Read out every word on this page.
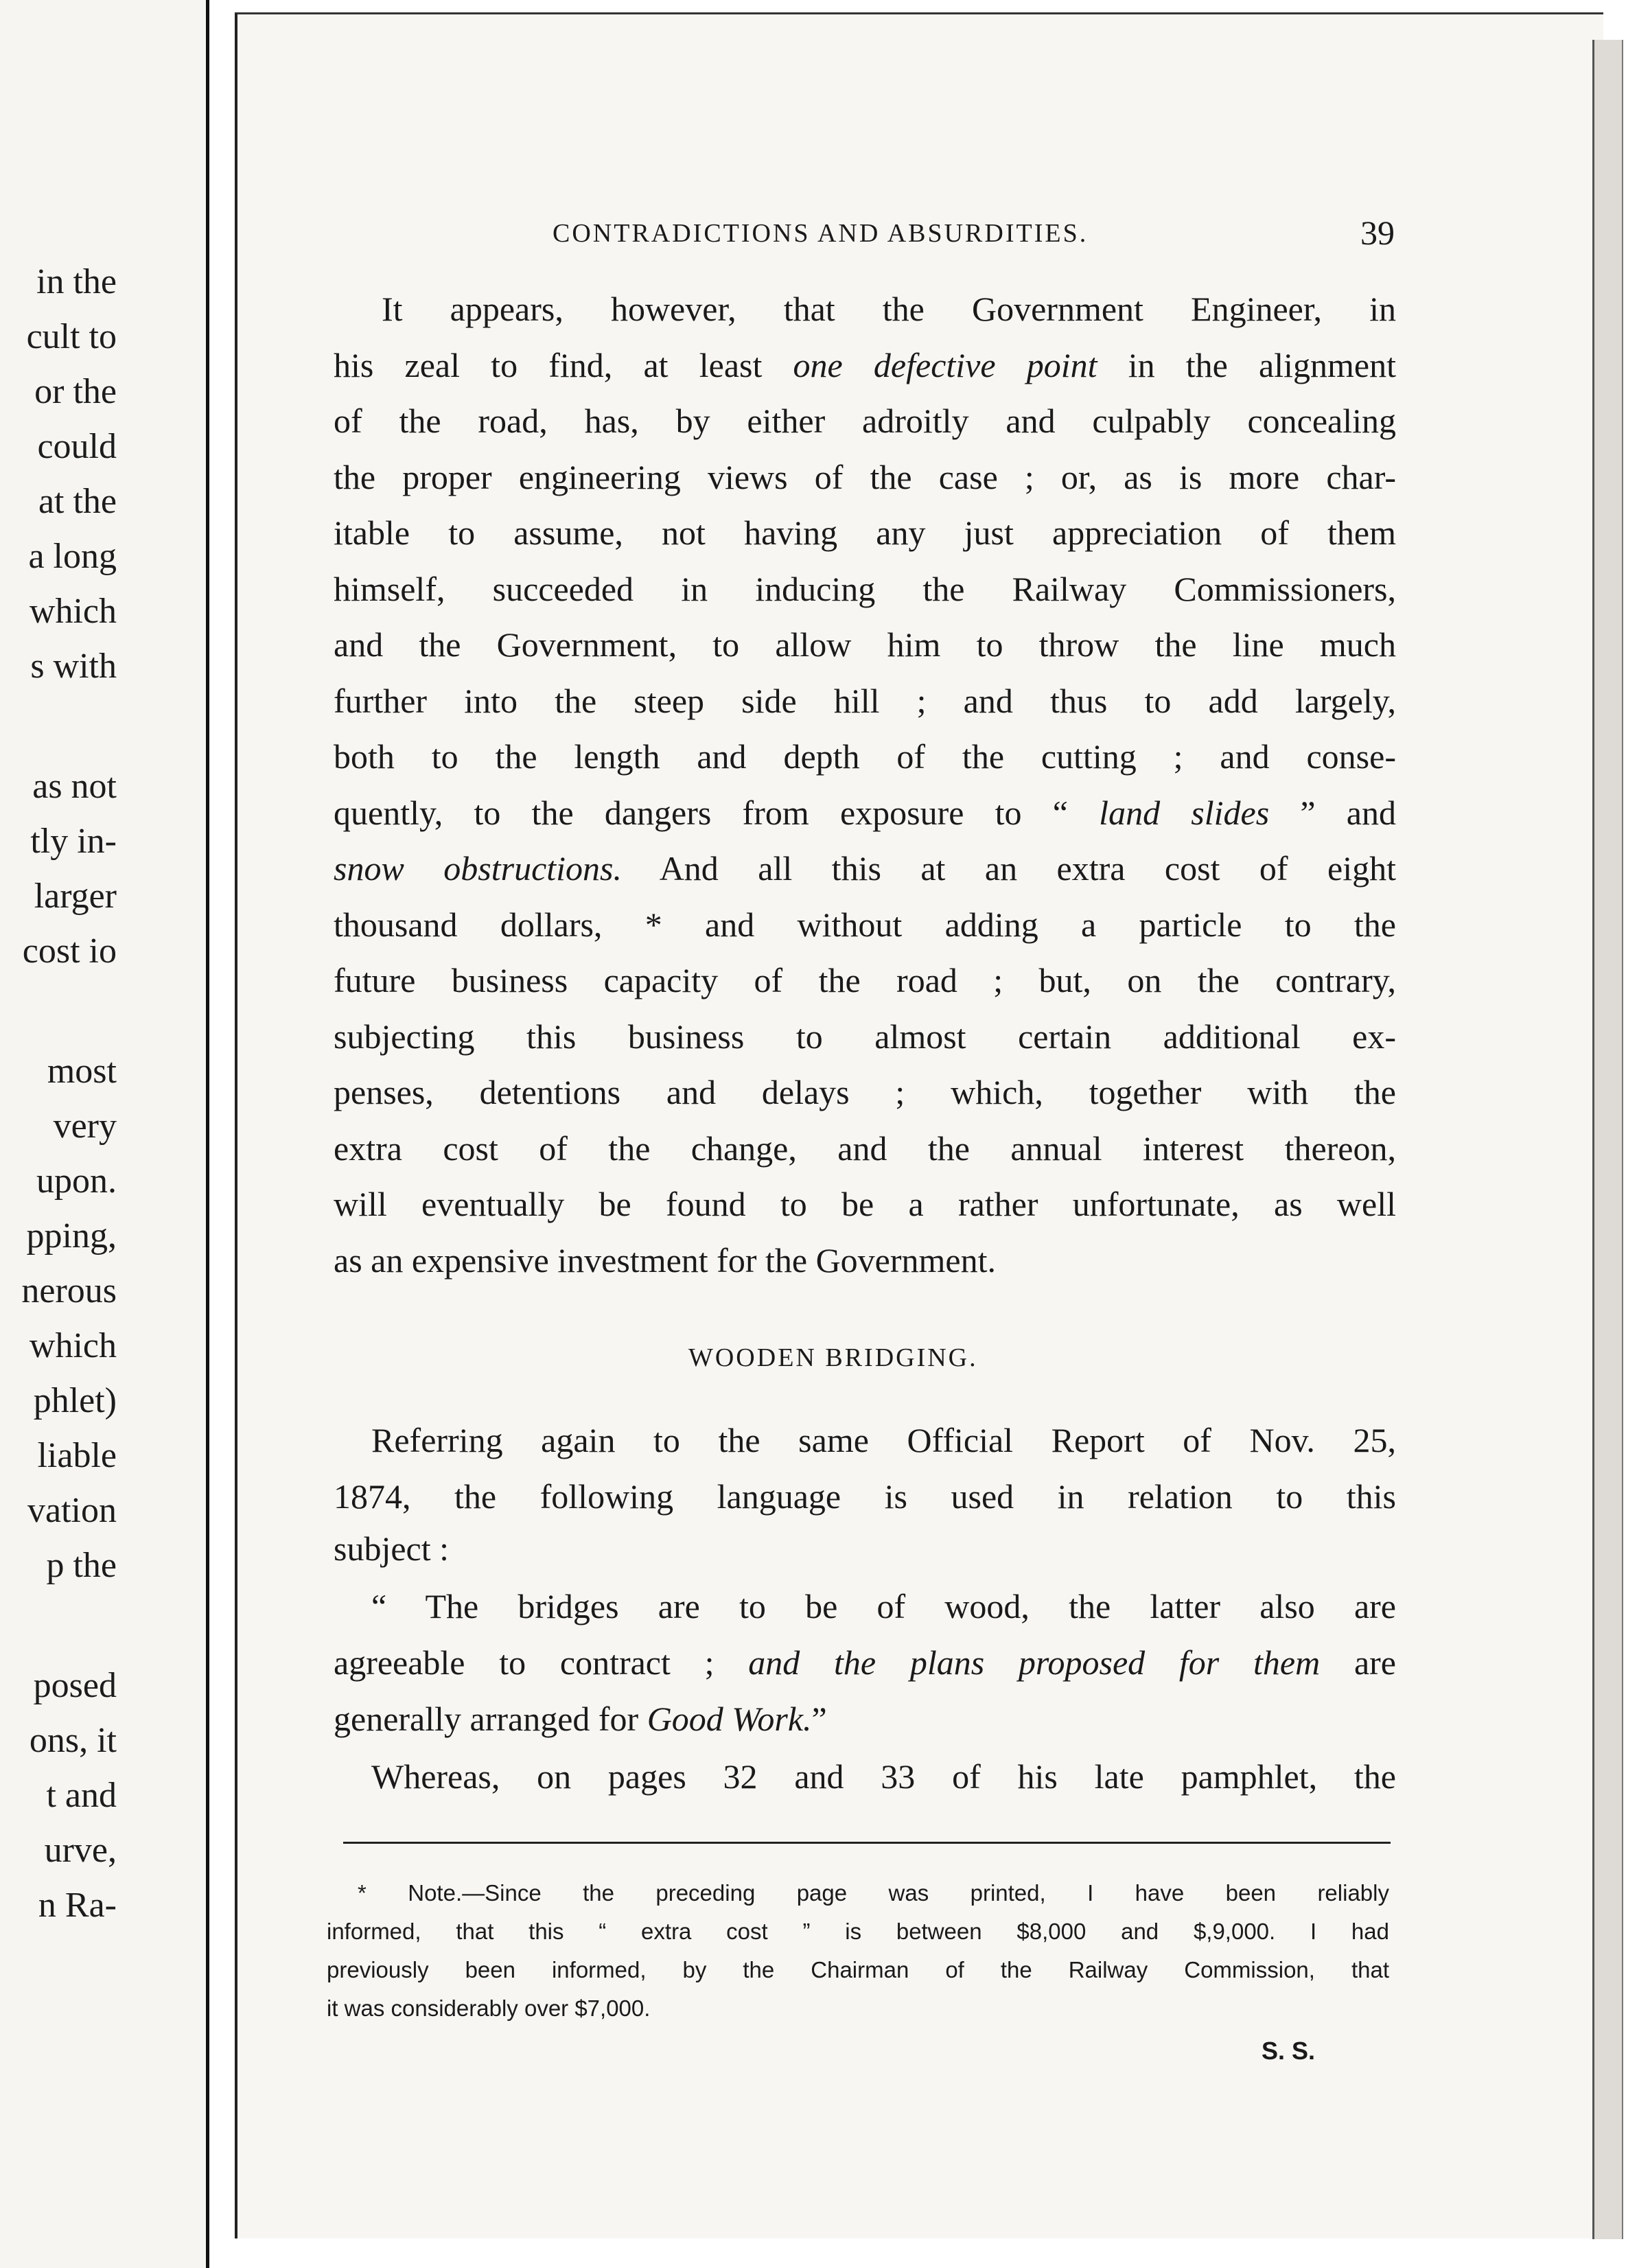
in the
cult to
or the
could
at the
a long
which
s with
as not
tly in-
larger
cost io
most
very
upon.
pping,
nerous
which
phlet)
liable
vation
p the
posed
ons, it
t and
urve,
n Ra-
CONTRADICTIONS AND ABSURDITIES.	39
It appears, however, that the Government Engineer, in
his zeal to find, at least one defective point in the alignment
of the road, has, by either adroitly and culpably concealing
the proper engineering views of the case ; or, as is more char-
itable to assume, not having any just appreciation of them
himself, succeeded in inducing the Railway Commissioners,
and the Government, to allow him to throw the line much
further into the steep side hill ; and thus to add largely,
both to the length and depth of the cutting ; and conse-
quently, to the dangers from exposure to “ land slides ” and
snow obstructions. And all this at an extra cost of eight
thousand dollars, * and without adding a particle to the
future business capacity of the road ; but, on the contrary,
subjecting this business to almost certain additional ex-
penses, detentions and delays ; which, together with the
extra cost of the change, and the annual interest thereon,
will eventually be found to be a rather unfortunate, as well
as an expensive investment for the Government.
WOODEN BRIDGING.
Referring again to the same Official Report of Nov. 25,
1874, the following language is used in relation to this
subject :
“ The bridges are to be of wood, the latter also are
agreeable to contract ; and the plans proposed for them are
generally arranged for Good Work.”
Whereas, on pages 32 and 33 of his late pamphlet, the
* Note.—Since the preceding page was printed, I have been reliably
informed, that this “ extra cost ” is between $8,000 and $,9,000. I had
previously been informed, by the Chairman of the Railway Commission, that
it was considerably over $7,000.
S. S.
